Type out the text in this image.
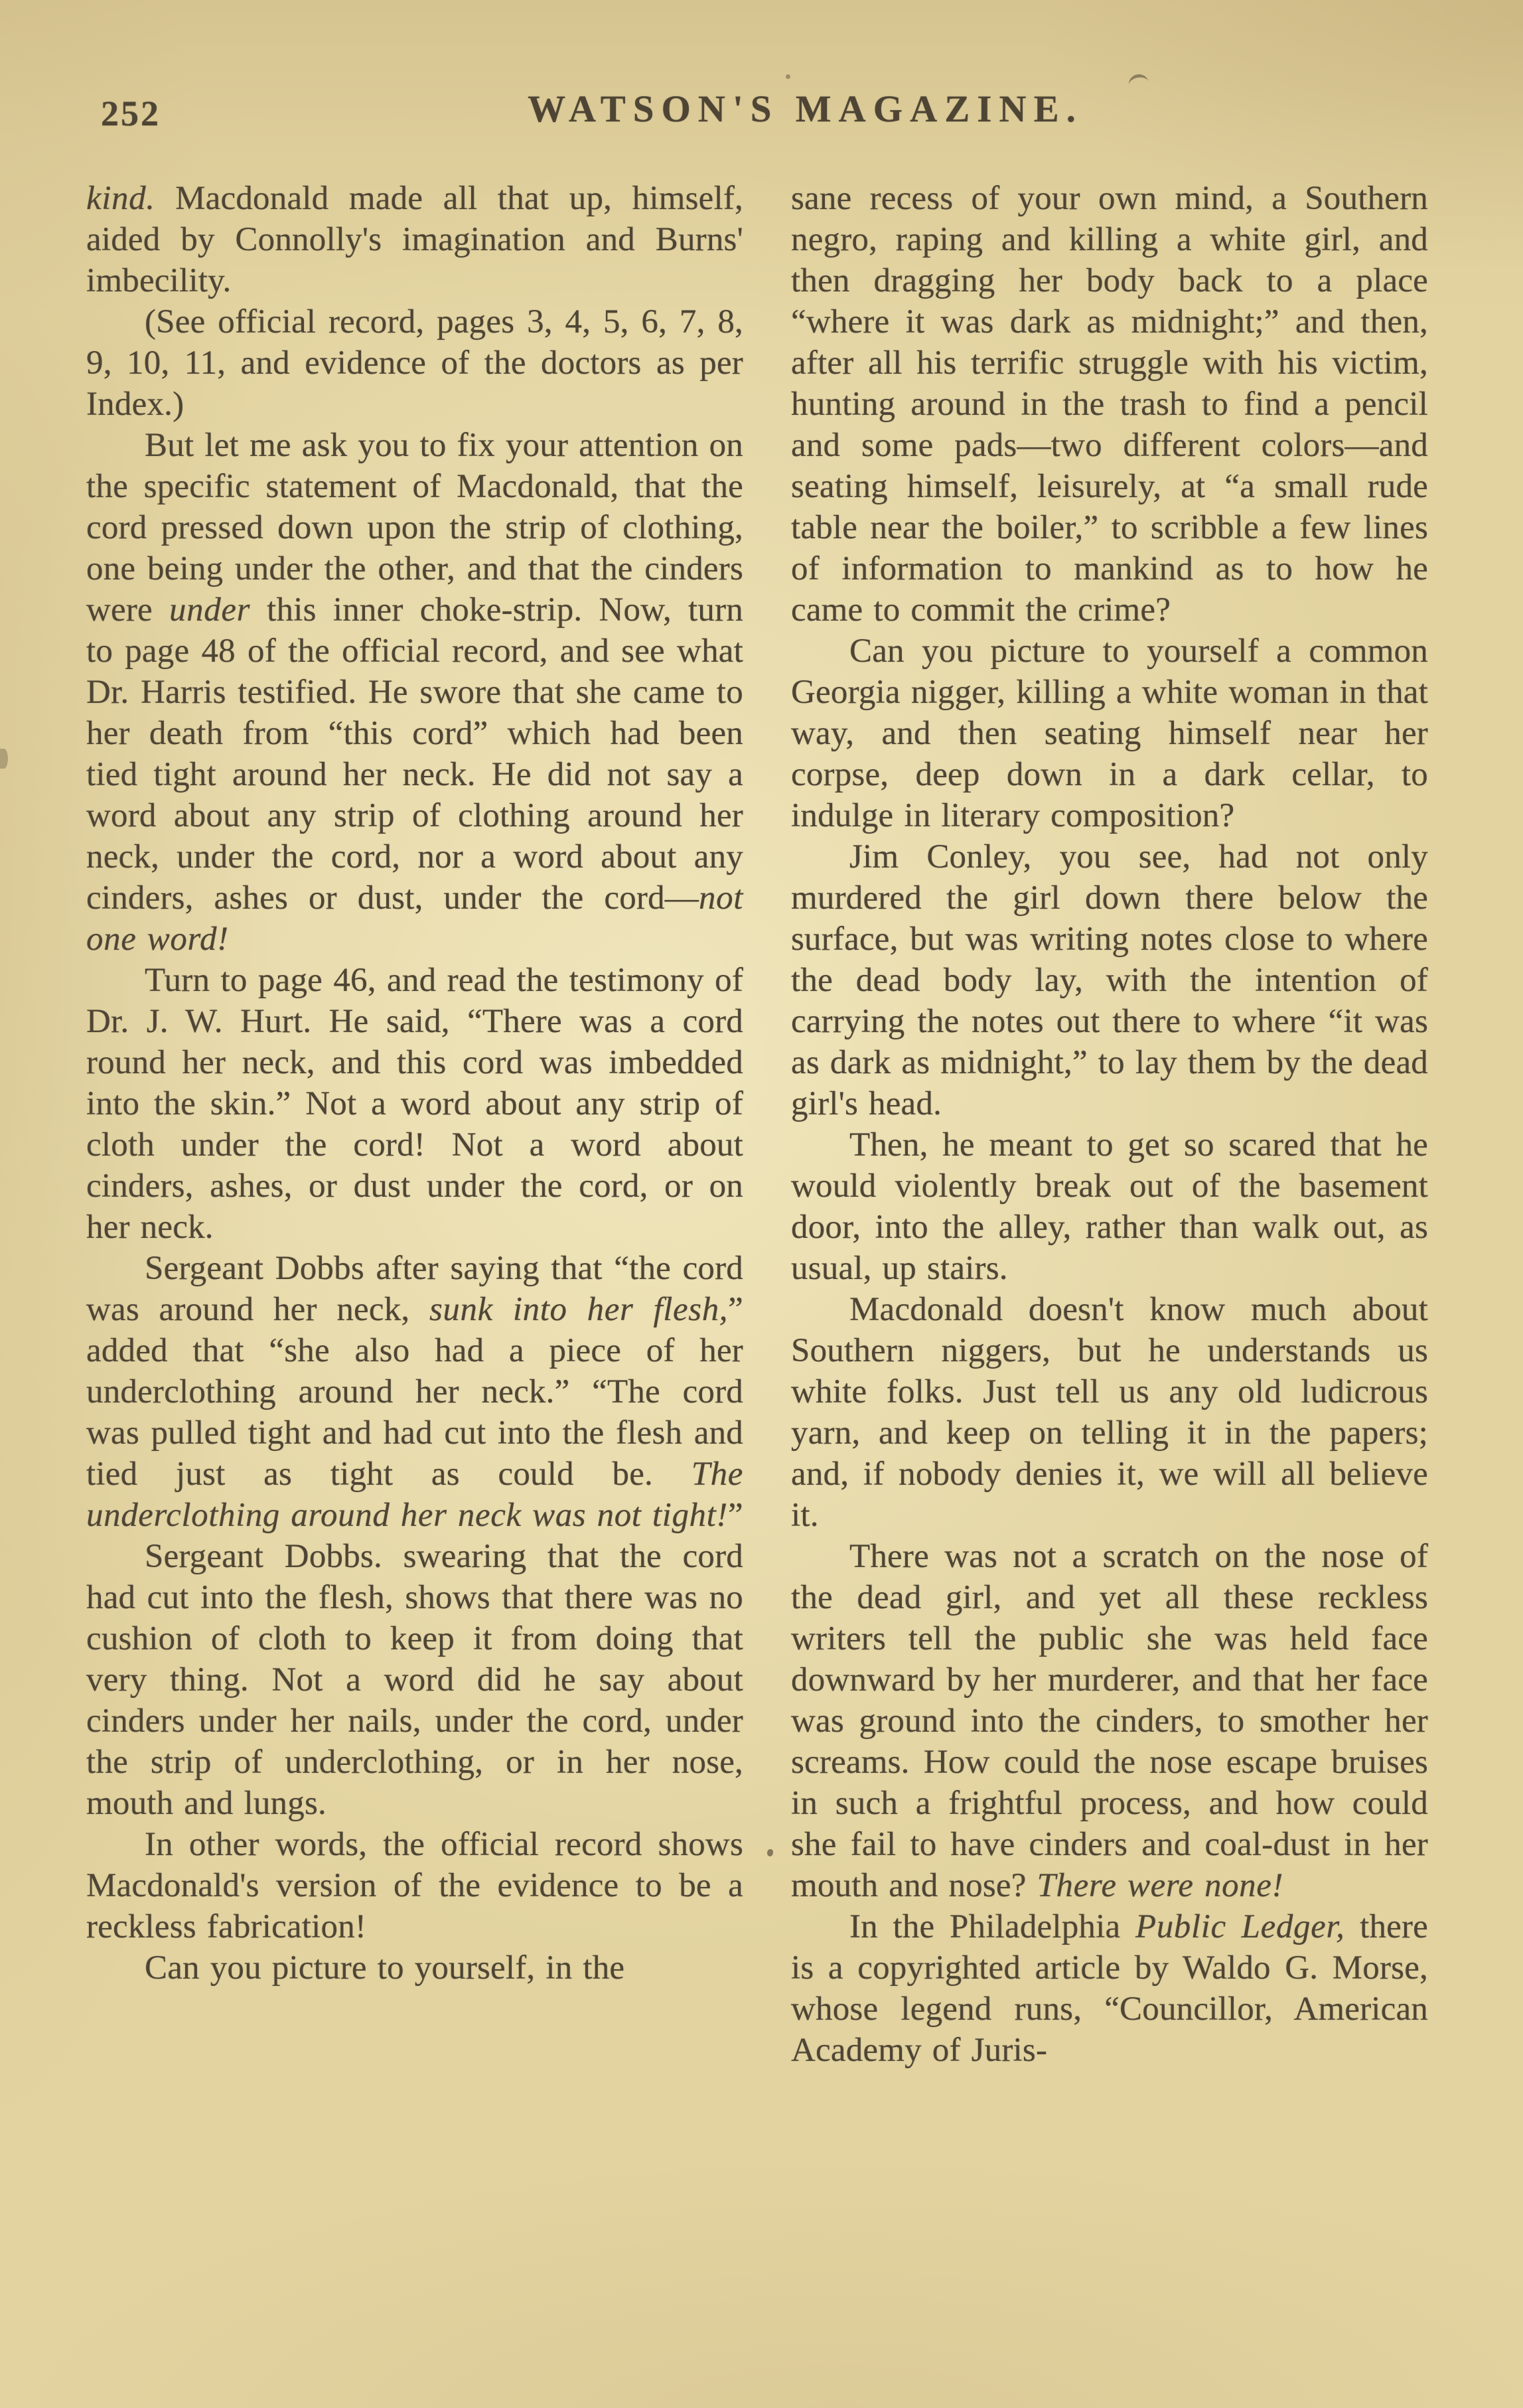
252	WATSON'S MAGAZINE.

kind. Macdonald made all that up, himself, aided by Connolly's imagination and Burns' imbecility.

(See official record, pages 3, 4, 5, 6, 7, 8, 9, 10, 11, and evidence of the doctors as per Index.)

But let me ask you to fix your attention on the specific statement of Macdonald, that the cord pressed down upon the strip of clothing, one being under the other, and that the cinders were under this inner choke-strip. Now, turn to page 48 of the official record, and see what Dr. Harris testified. He swore that she came to her death from “this cord” which had been tied tight around her neck. He did not say a word about any strip of clothing around her neck, under the cord, nor a word about any cinders, ashes or dust, under the cord—not one word!

Turn to page 46, and read the testimony of Dr. J. W. Hurt. He said, “There was a cord round her neck, and this cord was imbedded into the skin.” Not a word about any strip of cloth under the cord! Not a word about cinders, ashes, or dust under the cord, or on her neck.

Sergeant Dobbs after saying that “the cord was around her neck, sunk into her flesh,” added that “she also had a piece of her underclothing around her neck.” “The cord was pulled tight and had cut into the flesh and tied just as tight as could be. The underclothing around her neck was not tight!”

Sergeant Dobbs. swearing that the cord had cut into the flesh, shows that there was no cushion of cloth to keep it from doing that very thing. Not a word did he say about cinders under her nails, under the cord, under the strip of underclothing, or in her nose, mouth and lungs.

In other words, the official record shows Macdonald's version of the evidence to be a reckless fabrication!

Can you picture to yourself, in the

sane recess of your own mind, a Southern negro, raping and killing a white girl, and then dragging her body back to a place “where it was dark as midnight;” and then, after all his terrific struggle with his victim, hunting around in the trash to find a pencil and some pads—two different colors—and seating himself, leisurely, at “a small rude table near the boiler,” to scribble a few lines of information to mankind as to how he came to commit the crime?

Can you picture to yourself a common Georgia nigger, killing a white woman in that way, and then seating himself near her corpse, deep down in a dark cellar, to indulge in literary composition?

Jim Conley, you see, had not only murdered the girl down there below the surface, but was writing notes close to where the dead body lay, with the intention of carrying the notes out there to where “it was as dark as midnight,” to lay them by the dead girl's head.

Then, he meant to get so scared that he would violently break out of the basement door, into the alley, rather than walk out, as usual, up stairs.

Macdonald doesn't know much about Southern niggers, but he understands us white folks. Just tell us any old ludicrous yarn, and keep on telling it in the papers; and, if nobody denies it, we will all believe it.

There was not a scratch on the nose of the dead girl, and yet all these reckless writers tell the public she was held face downward by her murderer, and that her face was ground into the cinders, to smother her screams. How could the nose escape bruises in such a frightful process, and how could she fail to have cinders and coal-dust in her mouth and nose? There were none!

In the Philadelphia Public Ledger, there is a copyrighted article by Waldo G. Morse, whose legend runs, “Councillor, American Academy of Juris-
